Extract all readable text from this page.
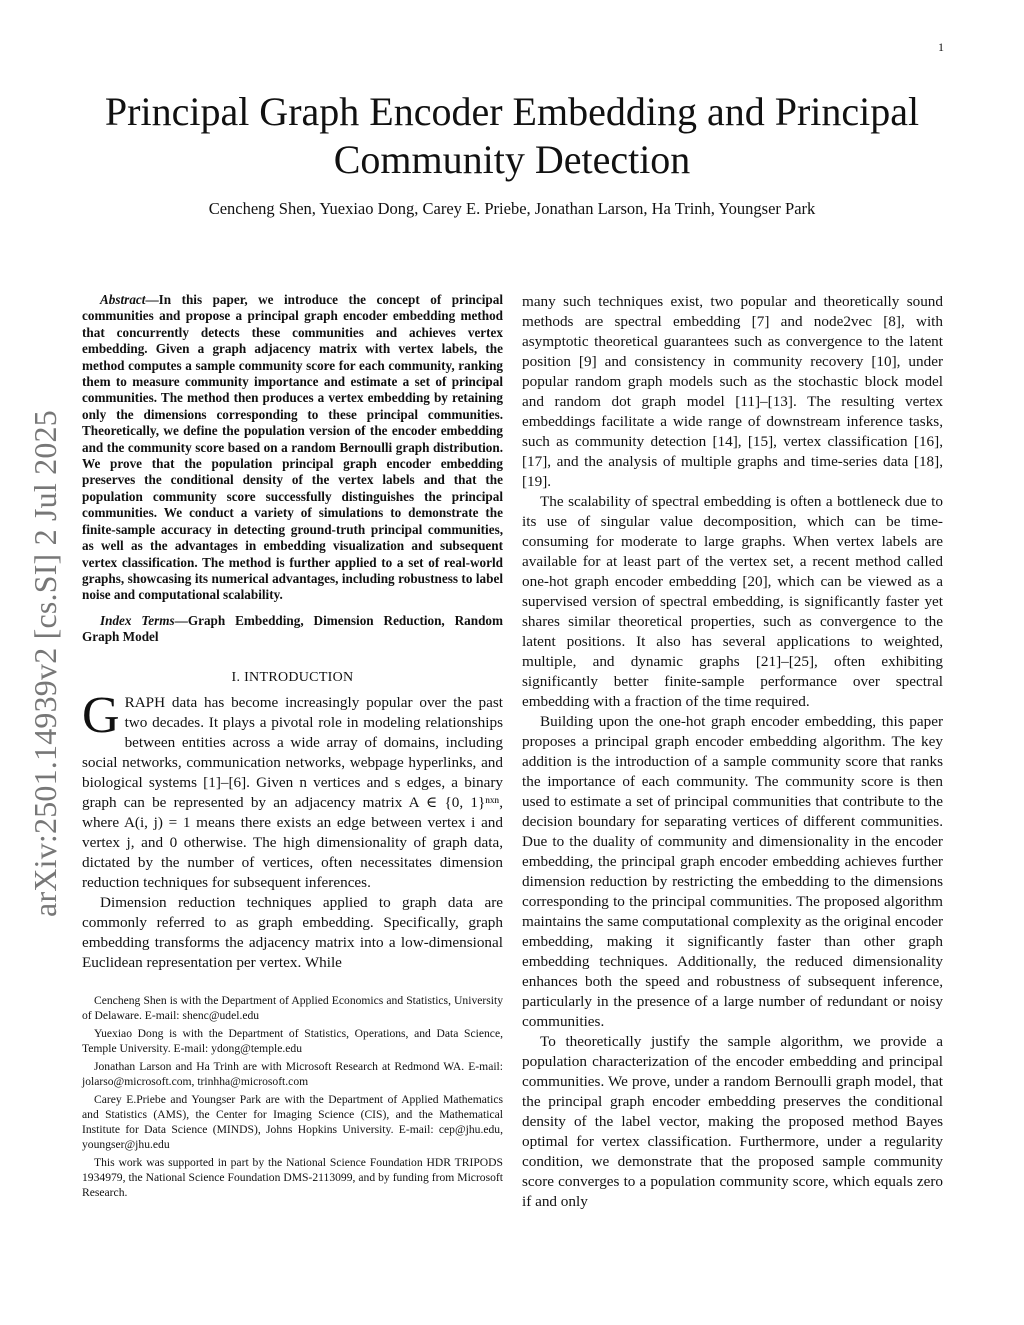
1
arXiv:2501.14939v2 [cs.SI] 2 Jul 2025
Principal Graph Encoder Embedding and Principal Community Detection
Cencheng Shen, Yuexiao Dong, Carey E. Priebe, Jonathan Larson, Ha Trinh, Youngser Park

Abstract—In this paper, we introduce the concept of principal communities and propose a principal graph encoder embedding method that concurrently detects these communities and achieves vertex embedding. Given a graph adjacency matrix with vertex labels, the method computes a sample community score for each community, ranking them to measure community importance and estimate a set of principal communities. The method then produces a vertex embedding by retaining only the dimensions corresponding to these principal communities. Theoretically, we define the population version of the encoder embedding and the community score based on a random Bernoulli graph distribution. We prove that the population principal graph encoder embedding preserves the conditional density of the vertex labels and that the population community score successfully distinguishes the principal communities. We conduct a variety of simulations to demonstrate the finite-sample accuracy in detecting ground-truth principal communities, as well as the advantages in embedding visualization and subsequent vertex classification. The method is further applied to a set of real-world graphs, showcasing its numerical advantages, including robustness to label noise and computational scalability.

Index Terms—Graph Embedding, Dimension Reduction, Random Graph Model

I. INTRODUCTION

GRAPH data has become increasingly popular over the past two decades. It plays a pivotal role in modeling relationships between entities across a wide array of domains, including social networks, communication networks, webpage hyperlinks, and biological systems [1]–[6]. Given n vertices and s edges, a binary graph can be represented by an adjacency matrix A ∈ {0, 1}ⁿˣⁿ, where A(i, j) = 1 means there exists an edge between vertex i and vertex j, and 0 otherwise. The high dimensionality of graph data, dictated by the number of vertices, often necessitates dimension reduction techniques for subsequent inferences.

Dimension reduction techniques applied to graph data are commonly referred to as graph embedding. Specifically, graph embedding transforms the adjacency matrix into a low-dimensional Euclidean representation per vertex. While

Cencheng Shen is with the Department of Applied Economics and Statistics, University of Delaware. E-mail: shenc@udel.edu

Yuexiao Dong is with the Department of Statistics, Operations, and Data Science, Temple University. E-mail: ydong@temple.edu

Jonathan Larson and Ha Trinh are with Microsoft Research at Redmond WA. E-mail: jolarso@microsoft.com, trinhha@microsoft.com

Carey E.Priebe and Youngser Park are with the Department of Applied Mathematics and Statistics (AMS), the Center for Imaging Science (CIS), and the Mathematical Institute for Data Science (MINDS), Johns Hopkins University. E-mail: cep@jhu.edu, youngser@jhu.edu

This work was supported in part by the National Science Foundation HDR TRIPODS 1934979, the National Science Foundation DMS-2113099, and by funding from Microsoft Research.

many such techniques exist, two popular and theoretically sound methods are spectral embedding [7] and node2vec [8], with asymptotic theoretical guarantees such as convergence to the latent position [9] and consistency in community recovery [10], under popular random graph models such as the stochastic block model and random dot graph model [11]–[13]. The resulting vertex embeddings facilitate a wide range of downstream inference tasks, such as community detection [14], [15], vertex classification [16], [17], and the analysis of multiple graphs and time-series data [18], [19].

The scalability of spectral embedding is often a bottleneck due to its use of singular value decomposition, which can be time-consuming for moderate to large graphs. When vertex labels are available for at least part of the vertex set, a recent method called one-hot graph encoder embedding [20], which can be viewed as a supervised version of spectral embedding, is significantly faster yet shares similar theoretical properties, such as convergence to the latent positions. It also has several applications to weighted, multiple, and dynamic graphs [21]–[25], often exhibiting significantly better finite-sample performance over spectral embedding with a fraction of the time required.

Building upon the one-hot graph encoder embedding, this paper proposes a principal graph encoder embedding algorithm. The key addition is the introduction of a sample community score that ranks the importance of each community. The community score is then used to estimate a set of principal communities that contribute to the decision boundary for separating vertices of different communities. Due to the duality of community and dimensionality in the encoder embedding, the principal graph encoder embedding achieves further dimension reduction by restricting the embedding to the dimensions corresponding to the principal communities. The proposed algorithm maintains the same computational complexity as the original encoder embedding, making it significantly faster than other graph embedding techniques. Additionally, the reduced dimensionality enhances both the speed and robustness of subsequent inference, particularly in the presence of a large number of redundant or noisy communities.

To theoretically justify the sample algorithm, we provide a population characterization of the encoder embedding and principal communities. We prove, under a random Bernoulli graph model, that the principal graph encoder embedding preserves the conditional density of the label vector, making the proposed method Bayes optimal for vertex classification. Furthermore, under a regularity condition, we demonstrate that the proposed sample community score converges to a population community score, which equals zero if and only
